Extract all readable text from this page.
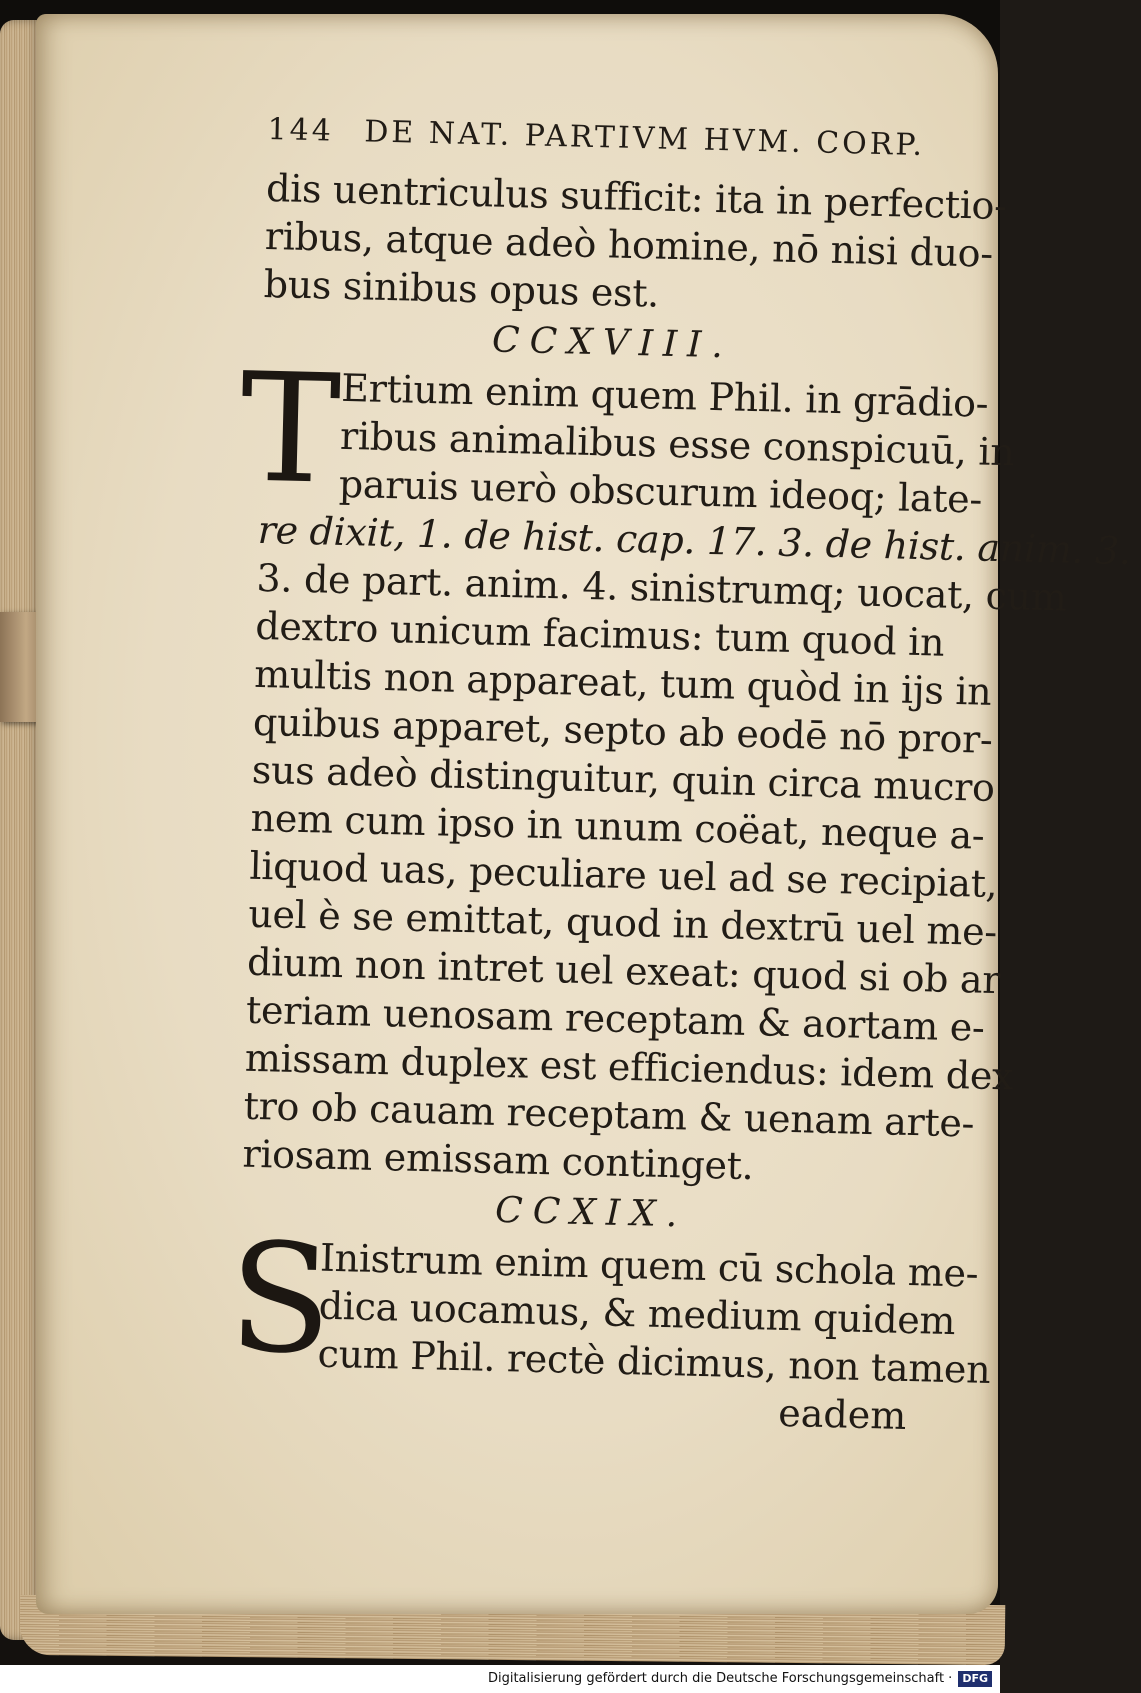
144 DE NAT. PARTIVM HVM. CORP.
dis uentriculus sufficit: ita in perfectio-
ribus, atque adeò homine, nō nisi duo-
bus sinibus opus est.
CCXVIII.
T
Ertium enim quem Phil. in grādio-
ribus animalibus esse conspicuū, in
paruis uerò obscurum ideoq; late-
re dixit, 1. de hist. cap. 17. 3. de hist. anim. 3.
3. de part. anim. 4. sinistrumq; uocat, cum
dextro unicum facimus: tum quod in
multis non appareat, tum quòd in ijs in
quibus apparet, septo ab eodē nō pror-
sus adeò distinguitur, quin circa mucro
nem cum ipso in unum coëat, neque a-
liquod uas, peculiare uel ad se recipiat,
uel è se emittat, quod in dextrū uel me-
dium non intret uel exeat: quod si ob ar
teriam uenosam receptam & aortam e-
missam duplex est efficiendus: idem dex
tro ob cauam receptam & uenam arte-
riosam emissam continget.
CCXIX.
S
Inistrum enim quem cū schola me-
dica uocamus, & medium quidem
cum Phil. rectè dicimus, non tamen
eadem
Digitalisierung gefördert durch die Deutsche Forschungsgemeinschaft · DFG
